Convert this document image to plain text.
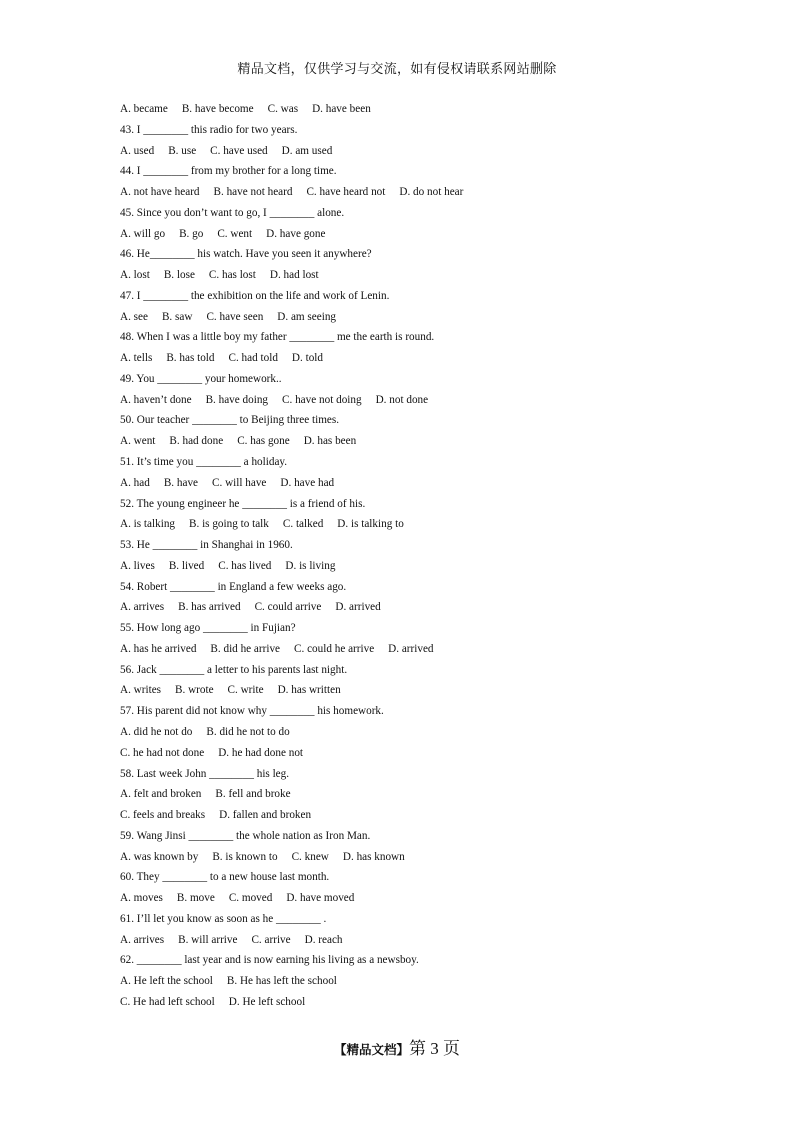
精品文档，仅供学习与交流，如有侵权请联系网站删除
A. became B. have become C. was D. have been
43. I ________ this radio for two years.
A. used B. use C. have used D. am used
44. I ________ from my brother for a long time.
A. not have heard B. have not heard C. have heard not D. do not hear
45. Since you don’t want to go, I ________ alone.
A. will go B. go C. went D. have gone
46. He________ his watch. Have you seen it anywhere?
A. lost B. lose C. has lost D. had lost
47. I ________ the exhibition on the life and work of Lenin.
A. see B. saw C. have seen D. am seeing
48. When I was a little boy my father ________ me the earth is round.
A. tells B. has told C. had told D. told
49. You ________ your homework..
A. haven’t done B. have doing C. have not doing D. not done
50. Our teacher ________ to Beijing three times.
A. went B. had done C. has gone D. has been
51. It’s time you ________ a holiday.
A. had B. have C. will have D. have had
52. The young engineer he ________ is a friend of his.
A. is talking B. is going to talk C. talked D. is talking to
53. He ________ in Shanghai in 1960.
A. lives B. lived C. has lived D. is living
54. Robert ________ in England a few weeks ago.
A. arrives B. has arrived C. could arrive D. arrived
55. How long ago ________ in Fujian?
A. has he arrived B. did he arrive C. could he arrive D. arrived
56. Jack ________ a letter to his parents last night.
A. writes B. wrote C. write D. has written
57. His parent did not know why ________ his homework.
A. did he not do B. did he not to do
C. he had not done D. he had done not
58. Last week John ________ his leg.
A. felt and broken B. fell and broke
C. feels and breaks D. fallen and broken
59. Wang Jinsi ________ the whole nation as Iron Man.
A. was known by B. is known to C. knew D. has known
60. They ________ to a new house last month.
A. moves B. move C. moved D. have moved
61. I’ll let you know as soon as he ________ .
A. arrives B. will arrive C. arrive D. reach
62. ________ last year and is now earning his living as a newsboy.
A. He left the school B. He has left the school
C. He had left school D. He left school
【精品文档】第 3 页
